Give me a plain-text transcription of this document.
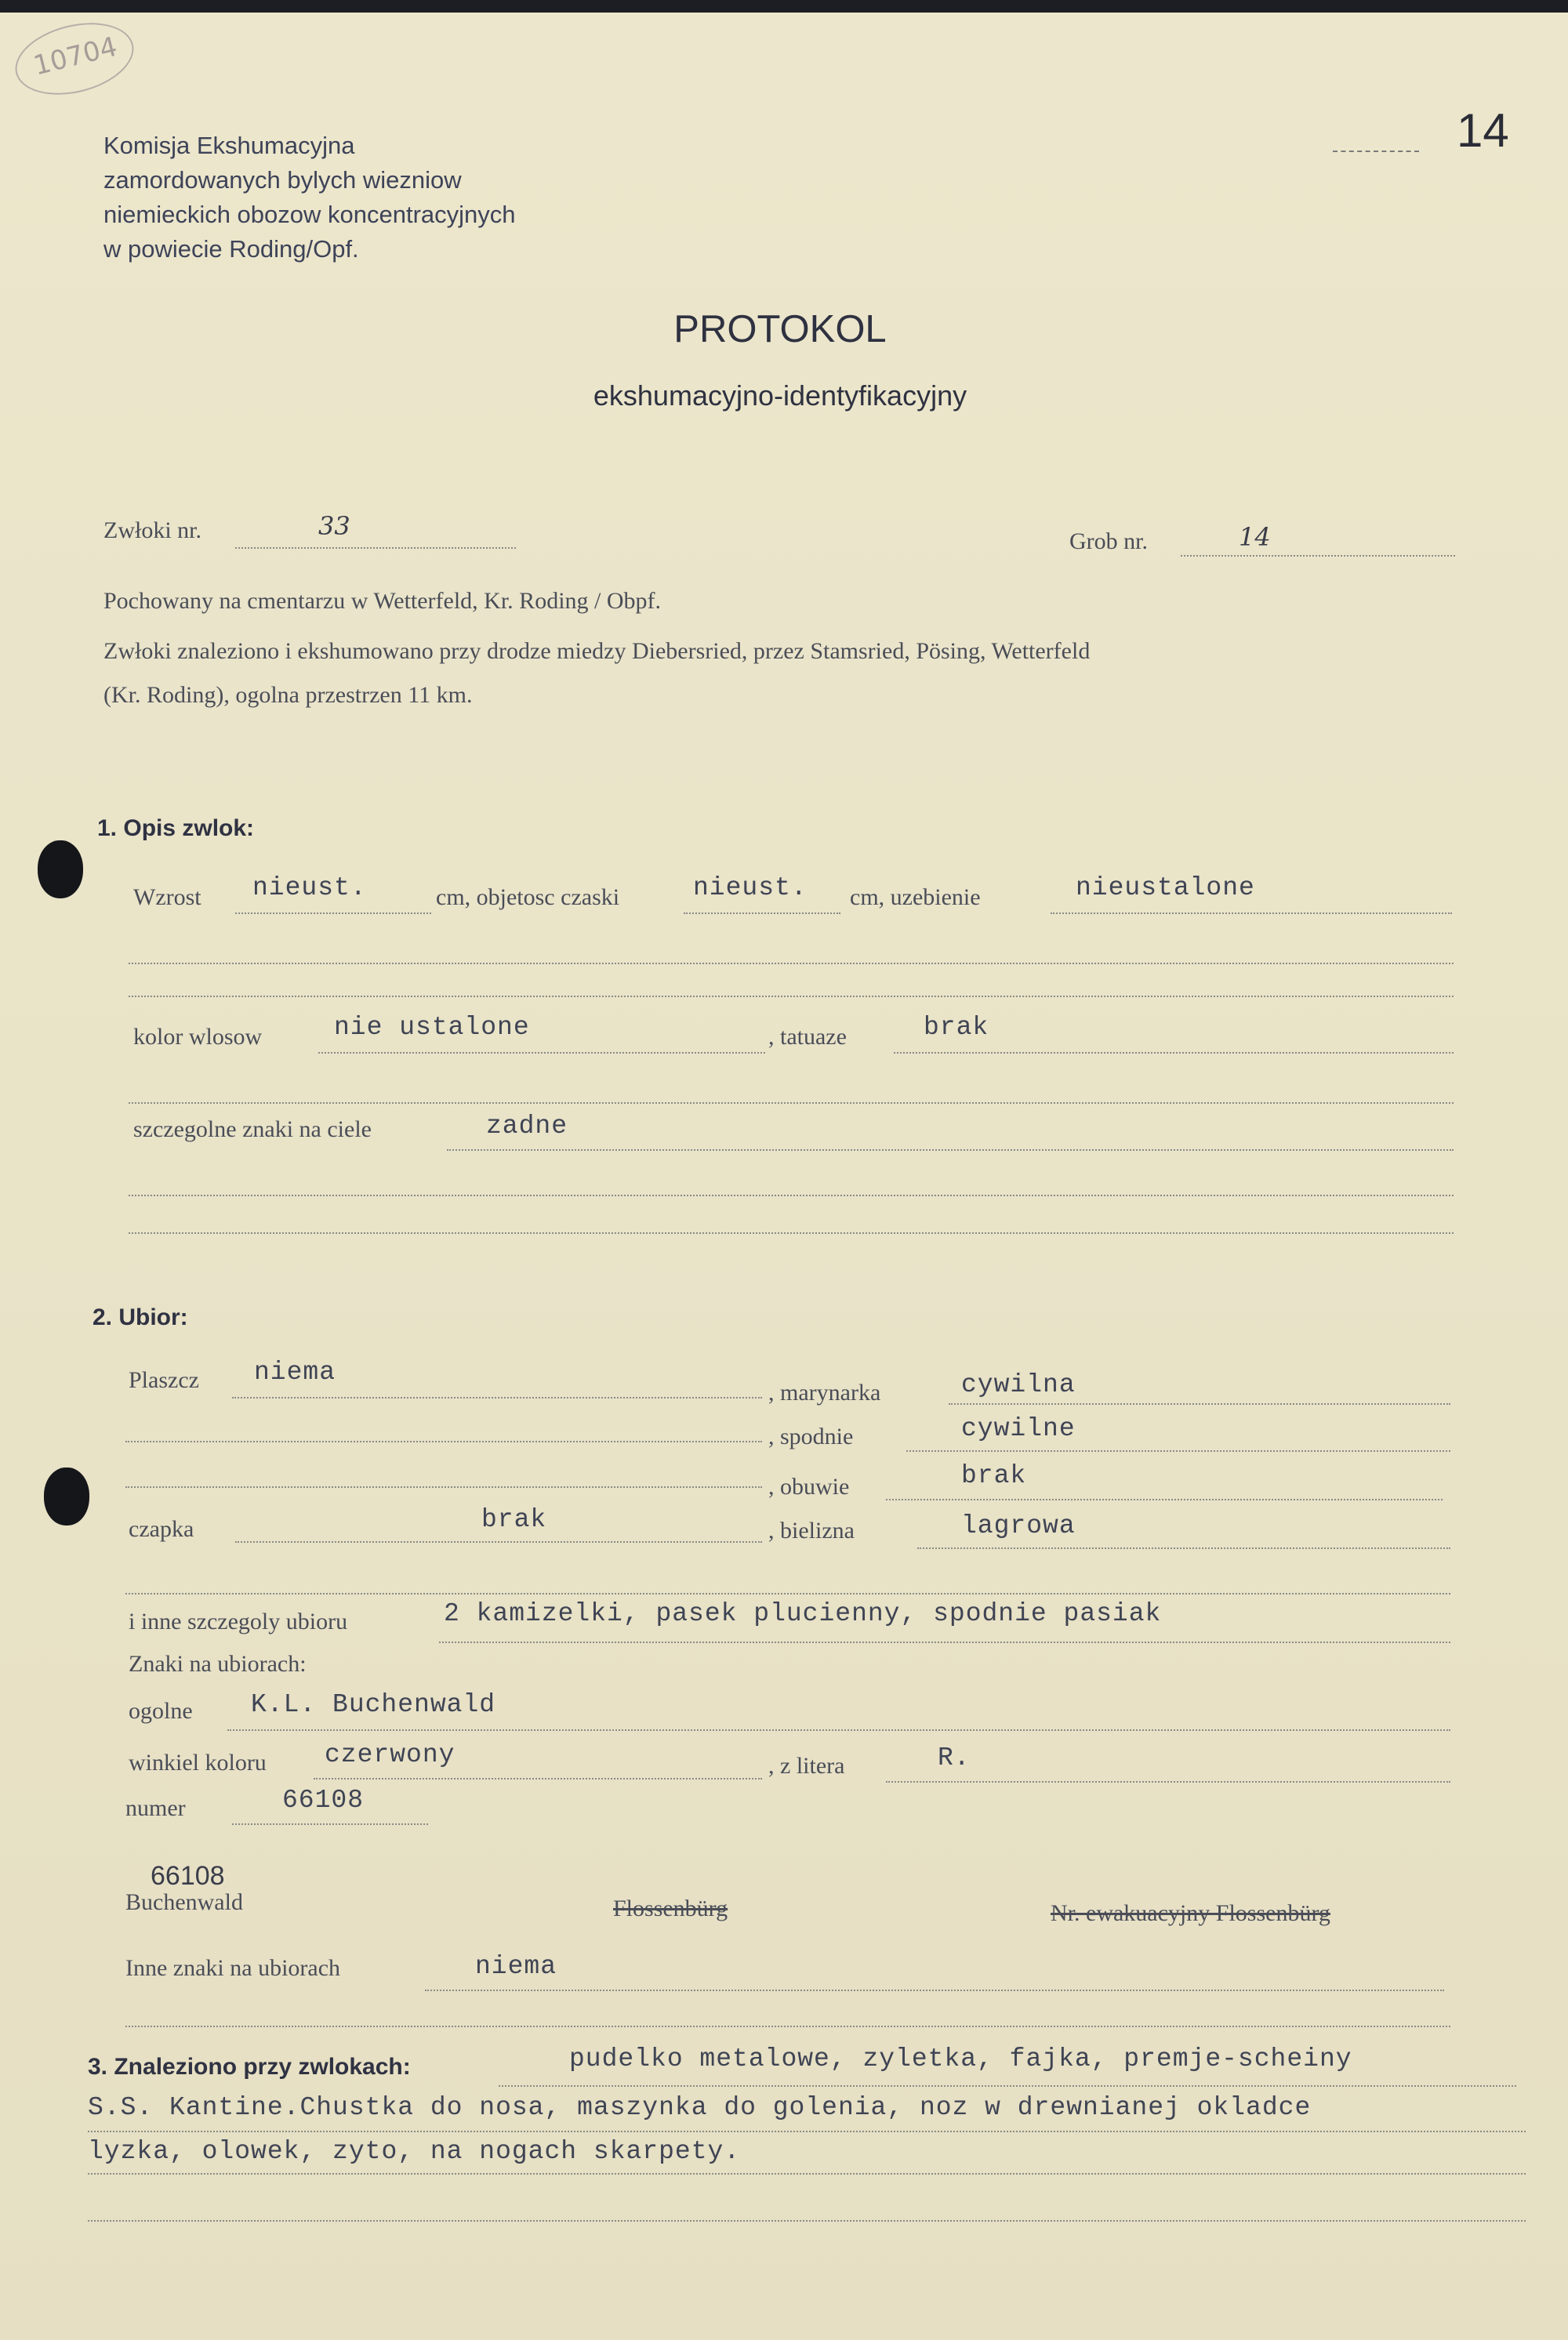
10704
14
Komisja Ekshumacyjna
zamordowanych bylych wiezniow
niemieckich obozow koncentracyjnych
w powiecie Roding/Opf.
PROTOKOL
ekshumacyjno-identyfikacyjny
Zwłoki nr.	33
Grob nr.	14
Pochowany na cmentarzu w Wetterfeld, Kr. Roding / Obpf.
Zwłoki znaleziono i ekshumowano przy drodze miedzy Diebersried, przez Stamsried, Pösing, Wetterfeld
(Kr. Roding), ogolna przestrzen 11 km.
1. Opis zwlok:
Wzrost nieust.	cm, objetosc czaski	nieust. cm, uzebienie	nieustalone
kolor wlosow	nie ustalone	, tatuaze	brak
szczegolne znaki na ciele	zadne
2. Ubior:
Plaszcz niema
, marynarka	cywilna
, spodnie	cywilne
, obuwie	brak
czapka	brak	, bielizna	lagrowa
i inne szczegoly ubioru	2 kamizelki, pasek plucienny, spodnie pasiak
Znaki na ubiorach:
ogolne K.L. Buchenwald
winkiel koloru czerwony	, z litera	R.
numer	66108
66108
Buchenwald	Flossenbürg	Nr. ewakuacyjny Flossenbürg
Inne znaki na ubiorach	niema
3. Znaleziono przy zwlokach:	pudelko metalowe, zyletka, fajka, premje-scheiny
S.S. Kantine.Chustka do nosa, maszynka do golenia, noz w drewnianej okladce
lyzka, olowek, zyto, na nogach skarpety.
